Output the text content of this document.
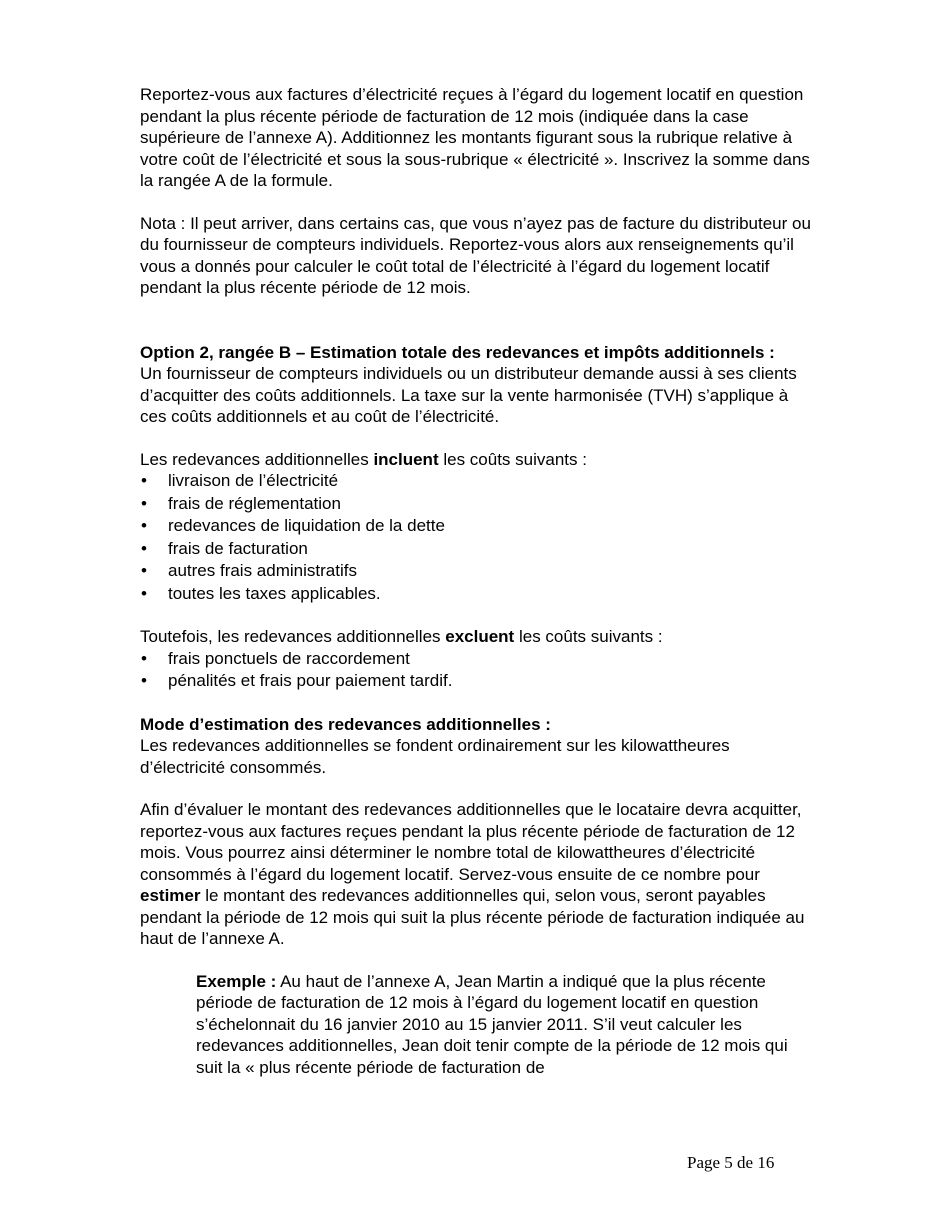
Reportez-vous aux factures d’électricité reçues à l’égard du logement locatif en question pendant la plus récente période de facturation de 12 mois (indiquée dans la case supérieure de l’annexe A). Additionnez les montants figurant sous la rubrique relative à votre coût de l’électricité et sous la sous-rubrique « électricité ». Inscrivez la somme dans la rangée A de la formule.

Nota : Il peut arriver, dans certains cas, que vous n’ayez pas de facture du distributeur ou du fournisseur de compteurs individuels. Reportez-vous alors aux renseignements qu’il vous a donnés pour calculer le coût total de l’électricité à l’égard du logement locatif pendant la plus récente période de 12 mois.

Option 2, rangée B – Estimation totale des redevances et impôts additionnels :

Un fournisseur de compteurs individuels ou un distributeur demande aussi à ses clients d’acquitter des coûts additionnels. La taxe sur la vente harmonisée (TVH) s’applique à ces coûts additionnels et au coût de l’électricité.

Les redevances additionnelles incluent les coûts suivants :

• livraison de l’électricité
• frais de réglementation
• redevances de liquidation de la dette
• frais de facturation
• autres frais administratifs
• toutes les taxes applicables.

Toutefois, les redevances additionnelles excluent les coûts suivants :

• frais ponctuels de raccordement
• pénalités et frais pour paiement tardif.

Mode d’estimation des redevances additionnelles :

Les redevances additionnelles se fondent ordinairement sur les kilowattheures d’électricité consommés.

Afin d’évaluer le montant des redevances additionnelles que le locataire devra acquitter, reportez-vous aux factures reçues pendant la plus récente période de facturation de 12 mois. Vous pourrez ainsi déterminer le nombre total de kilowattheures d’électricité consommés à l’égard du logement locatif. Servez-vous ensuite de ce nombre pour estimer le montant des redevances additionnelles qui, selon vous, seront payables pendant la période de 12 mois qui suit la plus récente période de facturation indiquée au haut de l’annexe A.

Exemple : Au haut de l’annexe A, Jean Martin a indiqué que la plus récente période de facturation de 12 mois à l’égard du logement locatif en question s’échelonnait du 16 janvier 2010 au 15 janvier 2011. S’il veut calculer les redevances additionnelles, Jean doit tenir compte de la période de 12 mois qui suit la « plus récente période de facturation de

Page 5 de 16
